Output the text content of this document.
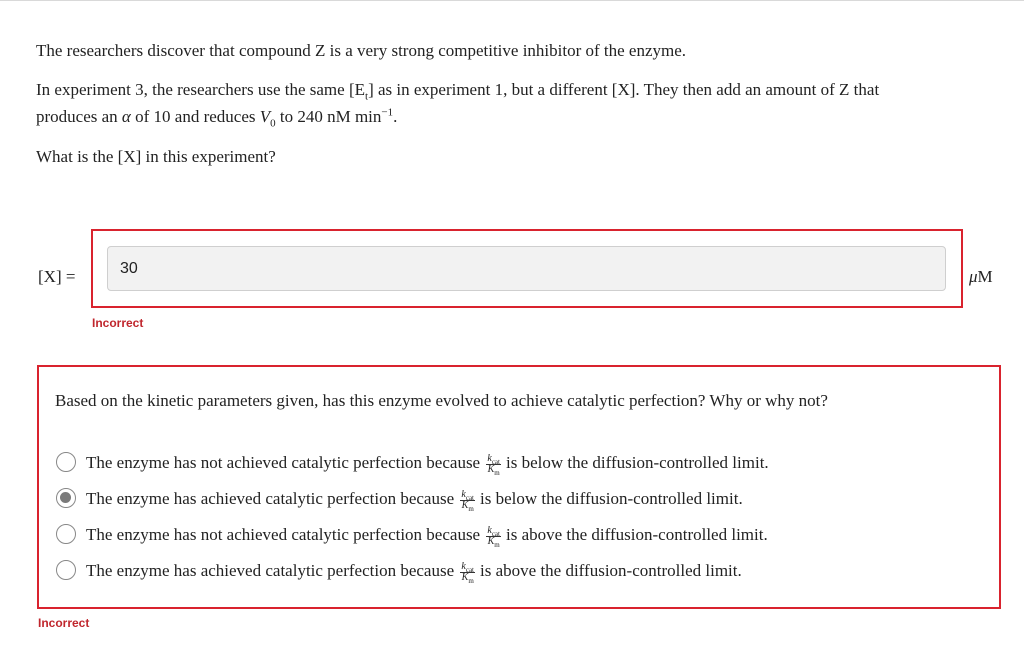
The researchers discover that compound Z is a very strong competitive inhibitor of the enzyme.
In experiment 3, the researchers use the same $[E_t]$ as in experiment 1, but a different [X]. They then add an amount of Z that
produces an α of 10 and reduces $V_0$ to 240 nM $\min^{-1}$.
What is the [X] in this experiment?
[X] =	30	μM
Incorrect
Based on the kinetic parameters given, has this enzyme evolved to achieve catalytic perfection? Why or why not?
The enzyme has not achieved catalytic perfection because $\frac{k_{cat}}{K_m}$ is below the diffusion-controlled limit.
The enzyme has achieved catalytic perfection because $\frac{k_{cat}}{K_m}$ is below the diffusion-controlled limit.
The enzyme has not achieved catalytic perfection because $\frac{k_{cat}}{K_m}$ is above the diffusion-controlled limit.
The enzyme has achieved catalytic perfection because $\frac{k_{cat}}{K_m}$ is above the diffusion-controlled limit.
Incorrect
